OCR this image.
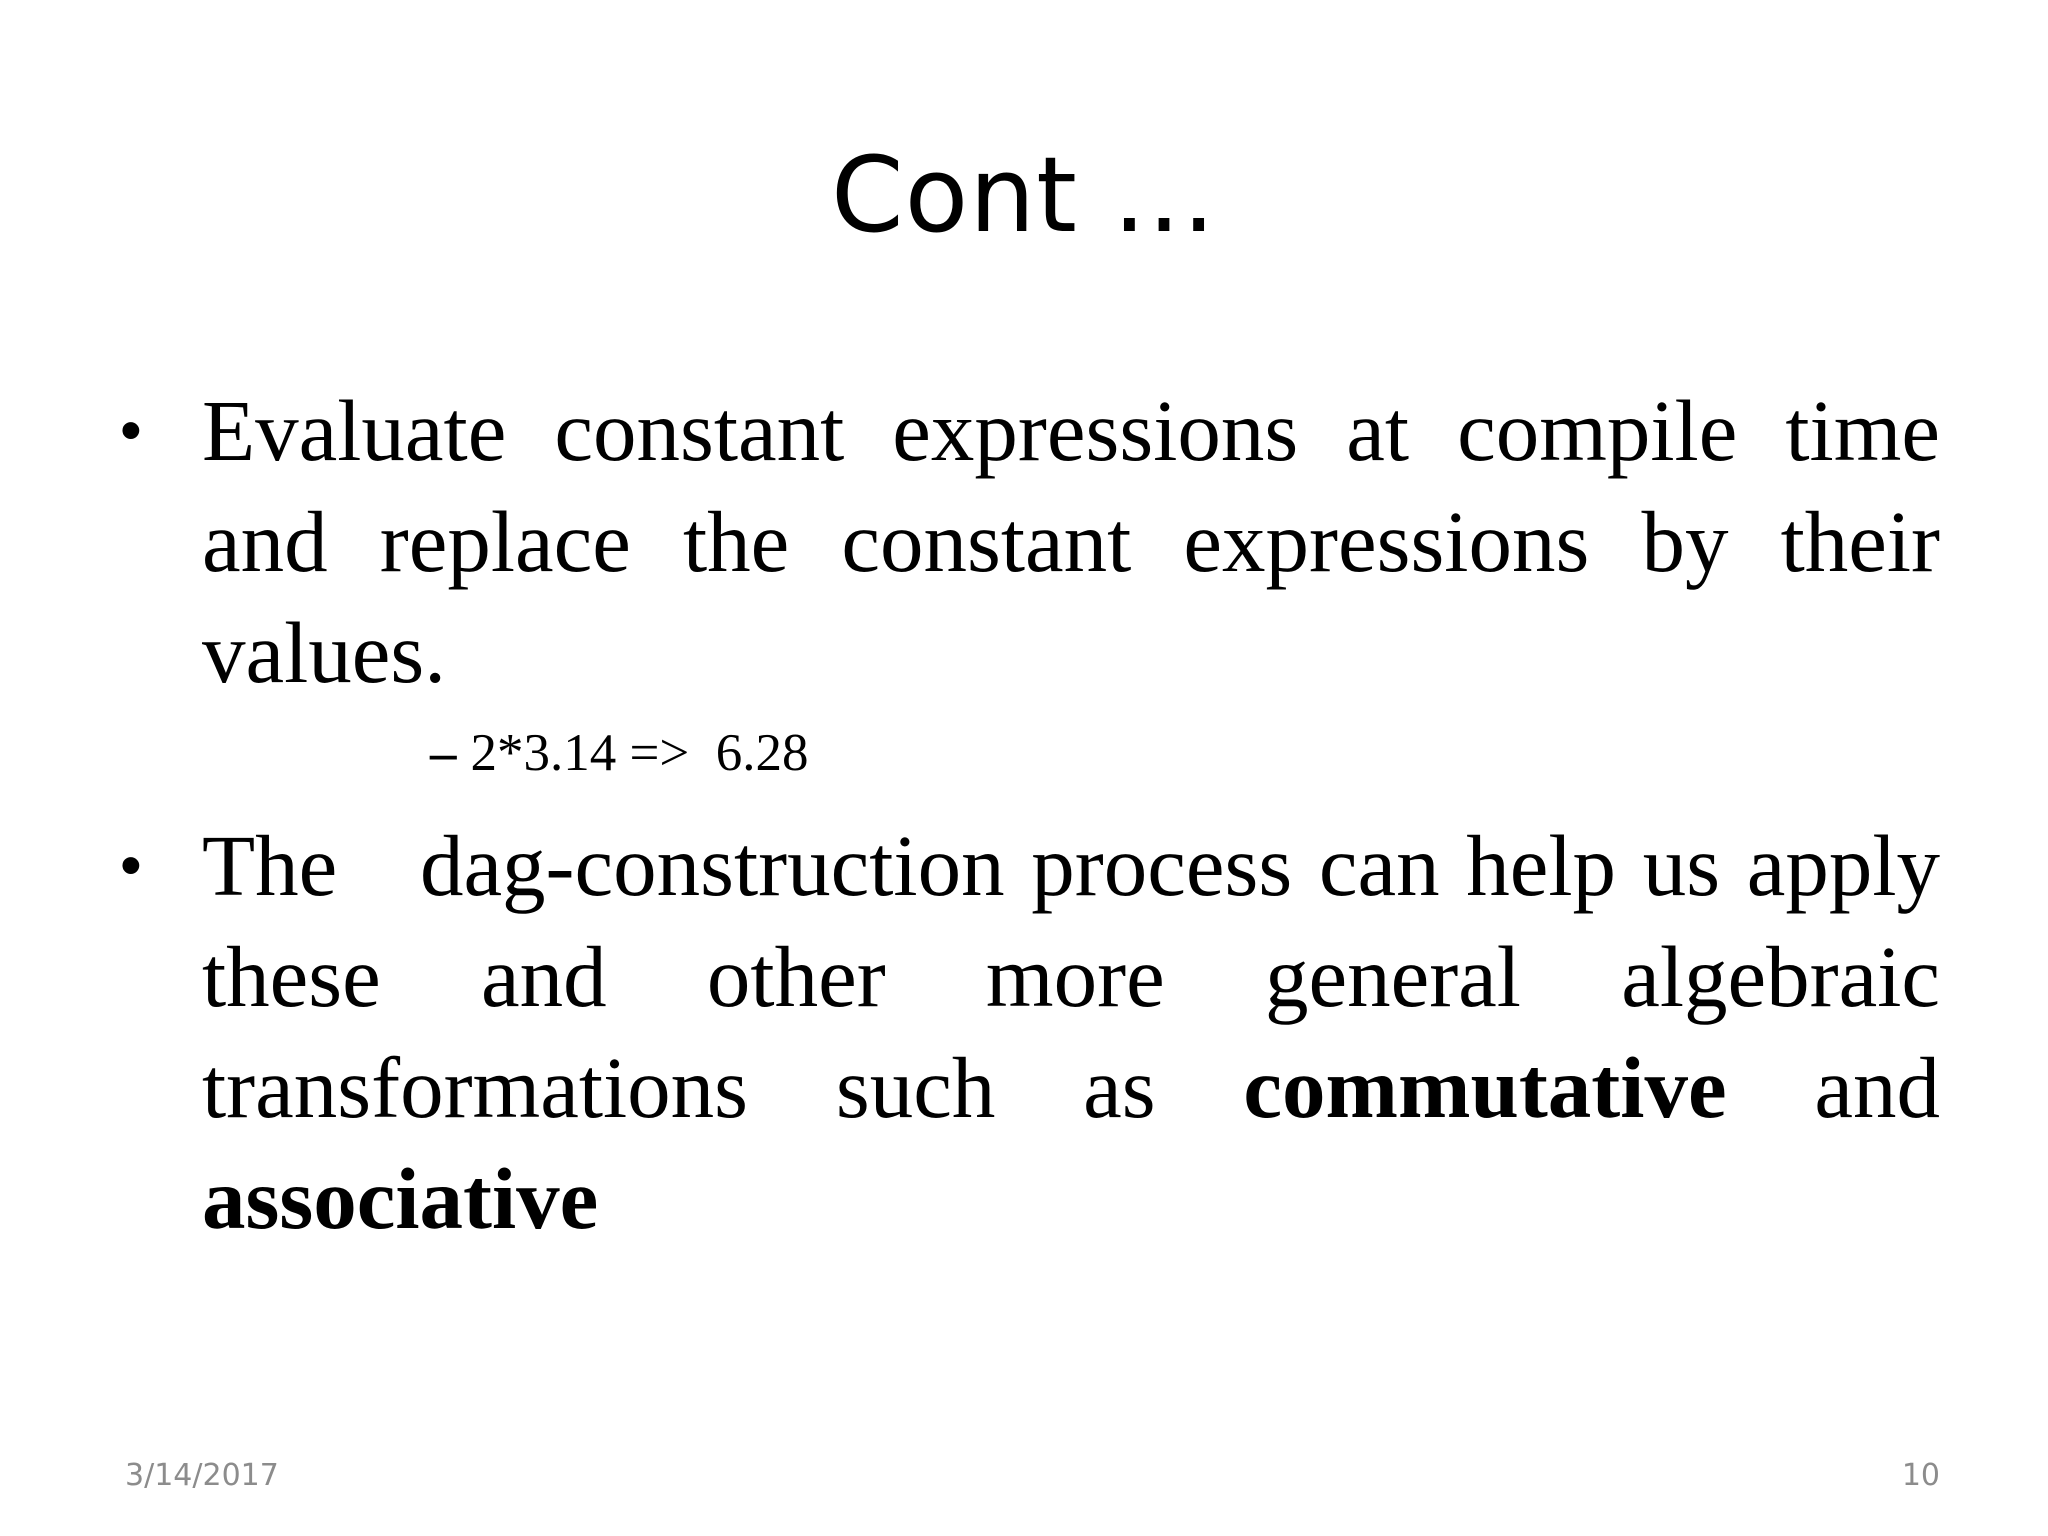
Cont …
• Evaluate constant expressions at compile time and replace the constant expressions by their values.
– 2*3.14 =>  6.28
• The dag-construction process can help us apply these and other more general algebraic transformations such as commutative and associative
3/14/2017	10
